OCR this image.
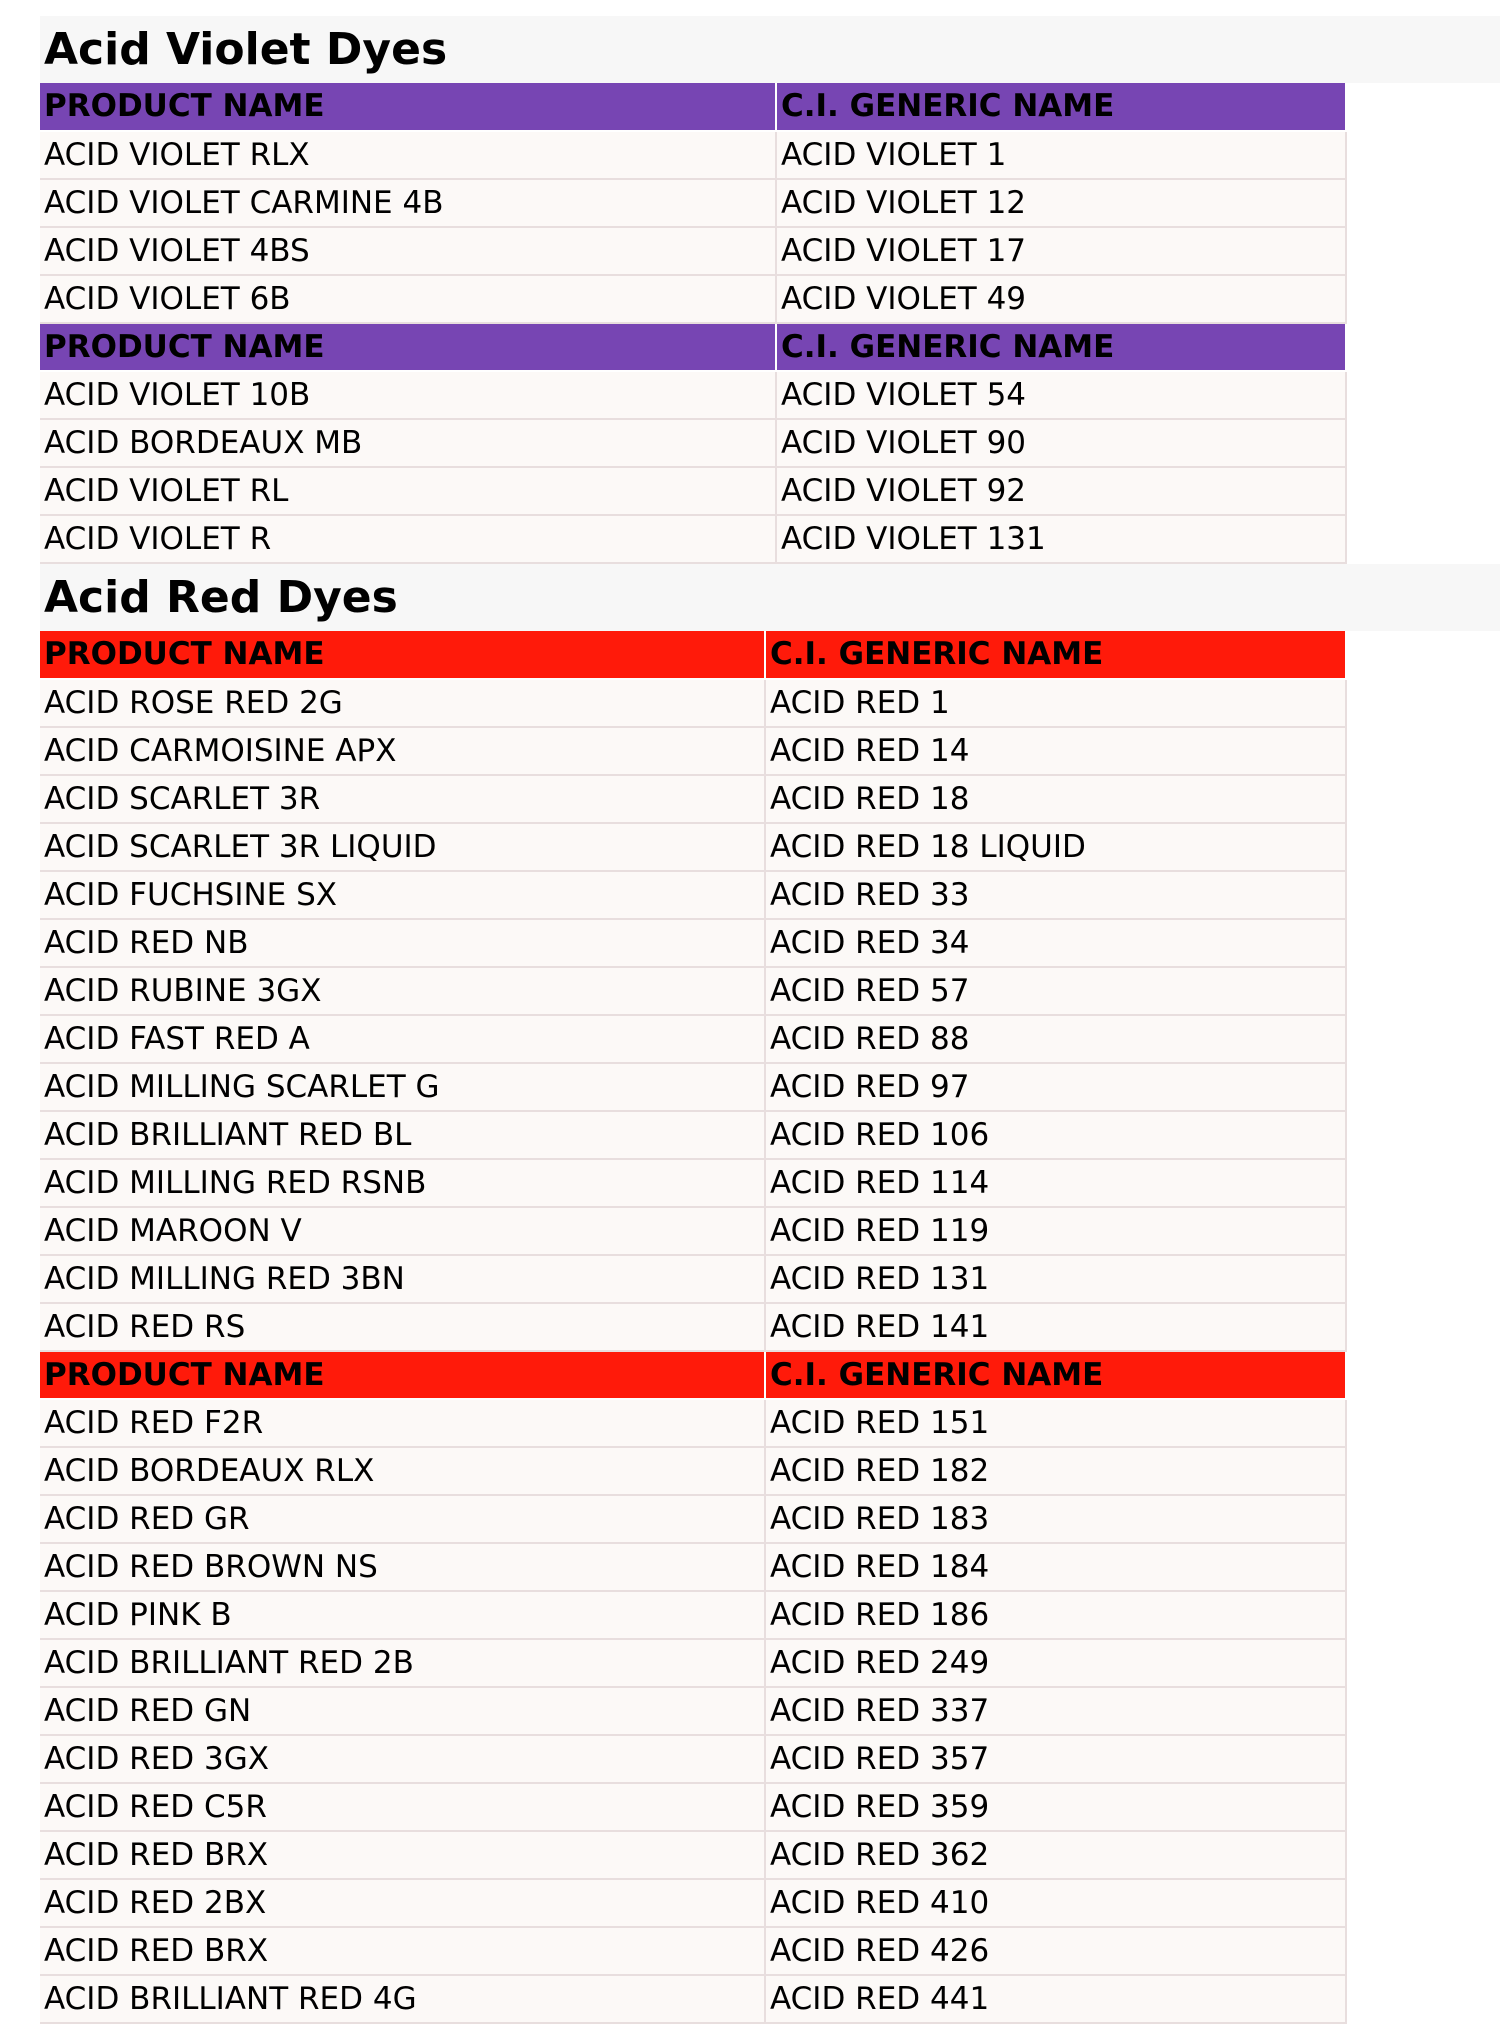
Acid Violet Dyes
PRODUCT NAME	C.I. GENERIC NAME
ACID VIOLET RLX	ACID VIOLET 1
ACID VIOLET CARMINE 4B	ACID VIOLET 12
ACID VIOLET 4BS	ACID VIOLET 17
ACID VIOLET 6B	ACID VIOLET 49
PRODUCT NAME	C.I. GENERIC NAME
ACID VIOLET 10B	ACID VIOLET 54
ACID BORDEAUX MB	ACID VIOLET 90
ACID VIOLET RL	ACID VIOLET 92
ACID VIOLET R	ACID VIOLET 131
Acid Red Dyes
PRODUCT NAME	C.I. GENERIC NAME
ACID ROSE RED 2G	ACID RED 1
ACID CARMOISINE APX	ACID RED 14
ACID SCARLET 3R	ACID RED 18
ACID SCARLET 3R LIQUID	ACID RED 18 LIQUID
ACID FUCHSINE SX	ACID RED 33
ACID RED NB	ACID RED 34
ACID RUBINE 3GX	ACID RED 57
ACID FAST RED A	ACID RED 88
ACID MILLING SCARLET G	ACID RED 97
ACID BRILLIANT RED BL	ACID RED 106
ACID MILLING RED RSNB	ACID RED 114
ACID MAROON V	ACID RED 119
ACID MILLING RED 3BN	ACID RED 131
ACID RED RS	ACID RED 141
PRODUCT NAME	C.I. GENERIC NAME
ACID RED F2R	ACID RED 151
ACID BORDEAUX RLX	ACID RED 182
ACID RED GR	ACID RED 183
ACID RED BROWN NS	ACID RED 184
ACID PINK B	ACID RED 186
ACID BRILLIANT RED 2B	ACID RED 249
ACID RED GN	ACID RED 337
ACID RED 3GX	ACID RED 357
ACID RED C5R	ACID RED 359
ACID RED BRX	ACID RED 362
ACID RED 2BX	ACID RED 410
ACID RED BRX	ACID RED 426
ACID BRILLIANT RED 4G	ACID RED 441
